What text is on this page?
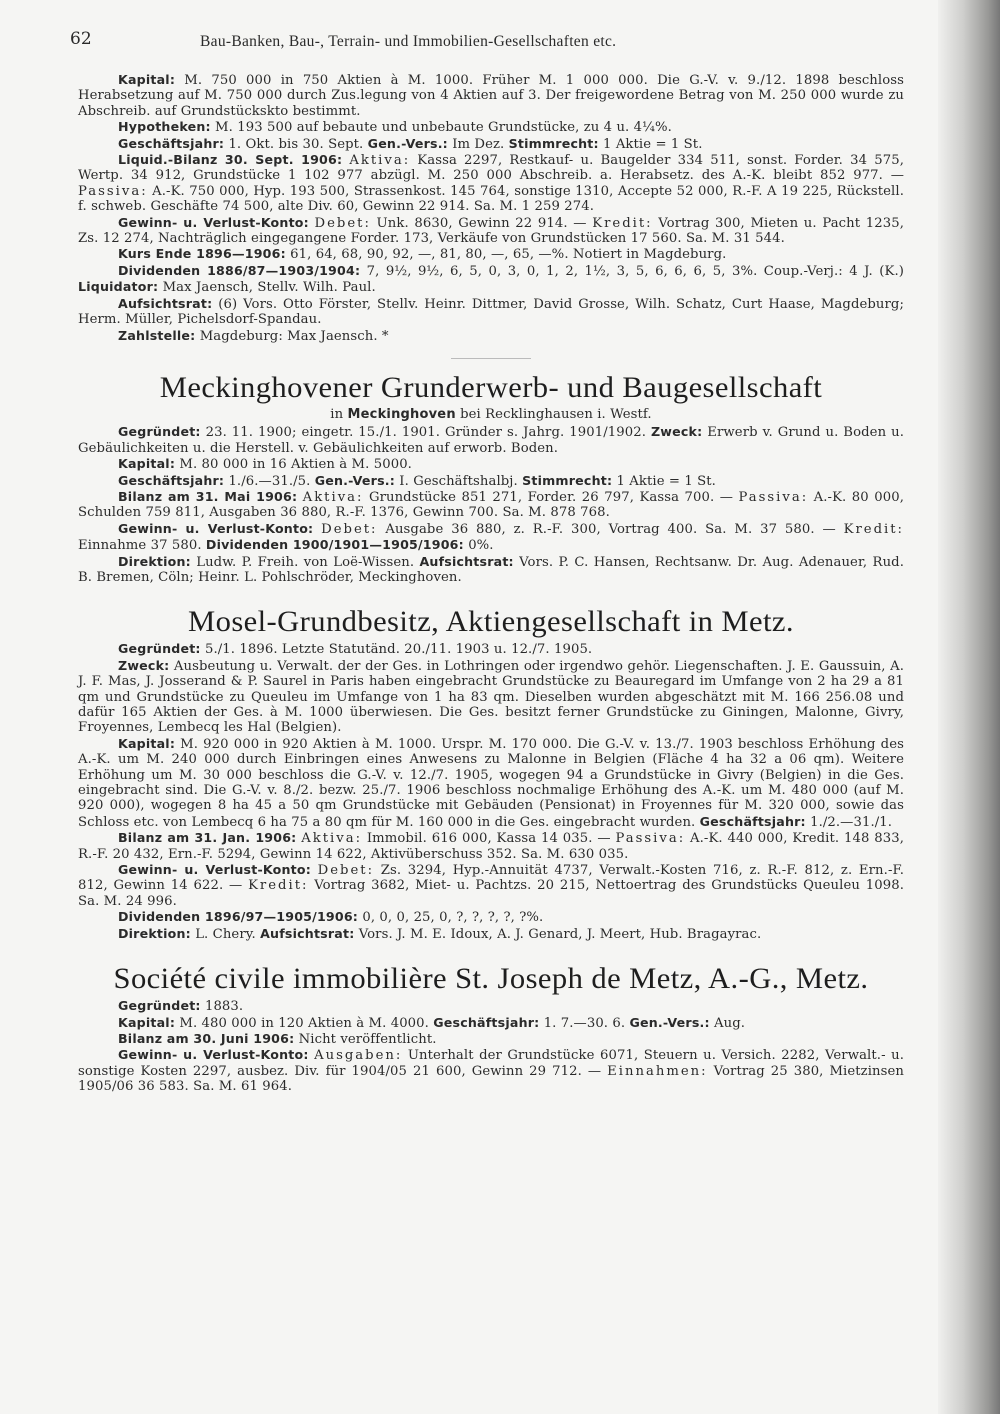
62	Bau-Banken, Bau-, Terrain- und Immobilien-Gesellschaften etc.

Kapital: M. 750 000 in 750 Aktien à M. 1000. Früher M. 1 000 000. Die G.-V. v. 9./12. 1898 beschloss Herabsetzung auf M. 750 000 durch Zus.legung von 4 Aktien auf 3. Der freigewordene Betrag von M. 250 000 wurde zu Abschreib. auf Grundstückskto bestimmt.

Hypotheken: M. 193 500 auf bebaute und unbebaute Grundstücke, zu 4 u. 4¼%.

Geschäftsjahr: 1. Okt. bis 30. Sept. Gen.-Vers.: Im Dez. Stimmrecht: 1 Aktie = 1 St.

Liquid.-Bilanz 30. Sept. 1906: Aktiva: Kassa 2297, Restkauf- u. Baugelder 334 511, sonst. Forder. 34 575, Wertp. 34 912, Grundstücke 1 102 977 abzügl. M. 250 000 Abschreib. a. Herabsetz. des A.-K. bleibt 852 977. — Passiva: A.-K. 750 000, Hyp. 193 500, Strassenkost. 145 764, sonstige 1310, Accepte 52 000, R.-F. A 19 225, Rückstell. f. schweb. Geschäfte 74 500, alte Div. 60, Gewinn 22 914. Sa. M. 1 259 274.

Gewinn- u. Verlust-Konto: Debet: Unk. 8630, Gewinn 22 914. — Kredit: Vortrag 300, Mieten u. Pacht 1235, Zs. 12 274, Nachträglich eingegangene Forder. 173, Verkäufe von Grundstücken 17 560. Sa. M. 31 544.

Kurs Ende 1896—1906: 61, 64, 68, 90, 92, —, 81, 80, —, 65, —%. Notiert in Magdeburg.

Dividenden 1886/87—1903/1904: 7, 9½, 9½, 6, 5, 0, 3, 0, 1, 2, 1½, 3, 5, 6, 6, 6, 5, 3%. Coup.-Verj.: 4 J. (K.) Liquidator: Max Jaensch, Stellv. Wilh. Paul.

Aufsichtsrat: (6) Vors. Otto Förster, Stellv. Heinr. Dittmer, David Grosse, Wilh. Schatz, Curt Haase, Magdeburg; Herm. Müller, Pichelsdorf-Spandau.

Zahlstelle: Magdeburg: Max Jaensch. *

Meckinghovener Grunderwerb- und Baugesellschaft
in Meckinghoven bei Recklinghausen i. Westf.

Gegründet: 23. 11. 1900; eingetr. 15./1. 1901. Gründer s. Jahrg. 1901/1902. Zweck: Erwerb v. Grund u. Boden u. Gebäulichkeiten u. die Herstell. v. Gebäulichkeiten auf erworb. Boden.

Kapital: M. 80 000 in 16 Aktien à M. 5000.

Geschäftsjahr: 1./6.—31./5. Gen.-Vers.: I. Geschäftshalbj. Stimmrecht: 1 Aktie = 1 St.

Bilanz am 31. Mai 1906: Aktiva: Grundstücke 851 271, Forder. 26 797, Kassa 700. — Passiva: A.-K. 80 000, Schulden 759 811, Ausgaben 36 880, R.-F. 1376, Gewinn 700. Sa. M. 878 768.

Gewinn- u. Verlust-Konto: Debet: Ausgabe 36 880, z. R.-F. 300, Vortrag 400. Sa. M. 37 580. — Kredit: Einnahme 37 580. Dividenden 1900/1901—1905/1906: 0%.

Direktion: Ludw. P. Freih. von Loë-Wissen. Aufsichtsrat: Vors. P. C. Hansen, Rechtsanw. Dr. Aug. Adenauer, Rud. B. Bremen, Cöln; Heinr. L. Pohlschröder, Meckinghoven.

Mosel-Grundbesitz, Aktiengesellschaft in Metz.

Gegründet: 5./1. 1896. Letzte Statutänd. 20./11. 1903 u. 12./7. 1905.

Zweck: Ausbeutung u. Verwalt. der der Ges. in Lothringen oder irgendwo gehör. Liegenschaften. J. E. Gaussuin, A. J. F. Mas, J. Josserand & P. Saurel in Paris haben eingebracht Grundstücke zu Beauregard im Umfange von 2 ha 29 a 81 qm und Grundstücke zu Queuleu im Umfange von 1 ha 83 qm. Dieselben wurden abgeschätzt mit M. 166 256.08 und dafür 165 Aktien der Ges. à M. 1000 überwiesen. Die Ges. besitzt ferner Grundstücke zu Giningen, Malonne, Givry, Froyennes, Lembecq les Hal (Belgien).

Kapital: M. 920 000 in 920 Aktien à M. 1000. Urspr. M. 170 000. Die G.-V. v. 13./7. 1903 beschloss Erhöhung des A.-K. um M. 240 000 durch Einbringen eines Anwesens zu Malonne in Belgien (Fläche 4 ha 32 a 06 qm). Weitere Erhöhung um M. 30 000 beschloss die G.-V. v. 12./7. 1905, wogegen 94 a Grundstücke in Givry (Belgien) in die Ges. eingebracht sind. Die G.-V. v. 8./2. bezw. 25./7. 1906 beschloss nochmalige Erhöhung des A.-K. um M. 480 000 (auf M. 920 000), wogegen 8 ha 45 a 50 qm Grundstücke mit Gebäuden (Pensionat) in Froyennes für M. 320 000, sowie das Schloss etc. von Lembecq 6 ha 75 a 80 qm für M. 160 000 in die Ges. eingebracht wurden. Geschäftsjahr: 1./2.—31./1.

Bilanz am 31. Jan. 1906: Aktiva: Immobil. 616 000, Kassa 14 035. — Passiva: A.-K. 440 000, Kredit. 148 833, R.-F. 20 432, Ern.-F. 5294, Gewinn 14 622, Aktivüberschuss 352. Sa. M. 630 035.

Gewinn- u. Verlust-Konto: Debet: Zs. 3294, Hyp.-Annuität 4737, Verwalt.-Kosten 716, z. R.-F. 812, z. Ern.-F. 812, Gewinn 14 622. — Kredit: Vortrag 3682, Miet- u. Pachtzs. 20 215, Nettoertrag des Grundstücks Queuleu 1098. Sa. M. 24 996.

Dividenden 1896/97—1905/1906: 0, 0, 0, 25, 0, ?, ?, ?, ?, ?%.

Direktion: L. Chery. Aufsichtsrat: Vors. J. M. E. Idoux, A. J. Genard, J. Meert, Hub. Bragayrac.

Société civile immobilière St. Joseph de Metz, A.-G., Metz.

Gegründet: 1883.

Kapital: M. 480 000 in 120 Aktien à M. 4000. Geschäftsjahr: 1. 7.—30. 6. Gen.-Vers.: Aug.

Bilanz am 30. Juni 1906: Nicht veröffentlicht.

Gewinn- u. Verlust-Konto: Ausgaben: Unterhalt der Grundstücke 6071, Steuern u. Versich. 2282, Verwalt.- u. sonstige Kosten 2297, ausbez. Div. für 1904/05 21 600, Gewinn 29 712. — Einnahmen: Vortrag 25 380, Mietzinsen 1905/06 36 583. Sa. M. 61 964.
